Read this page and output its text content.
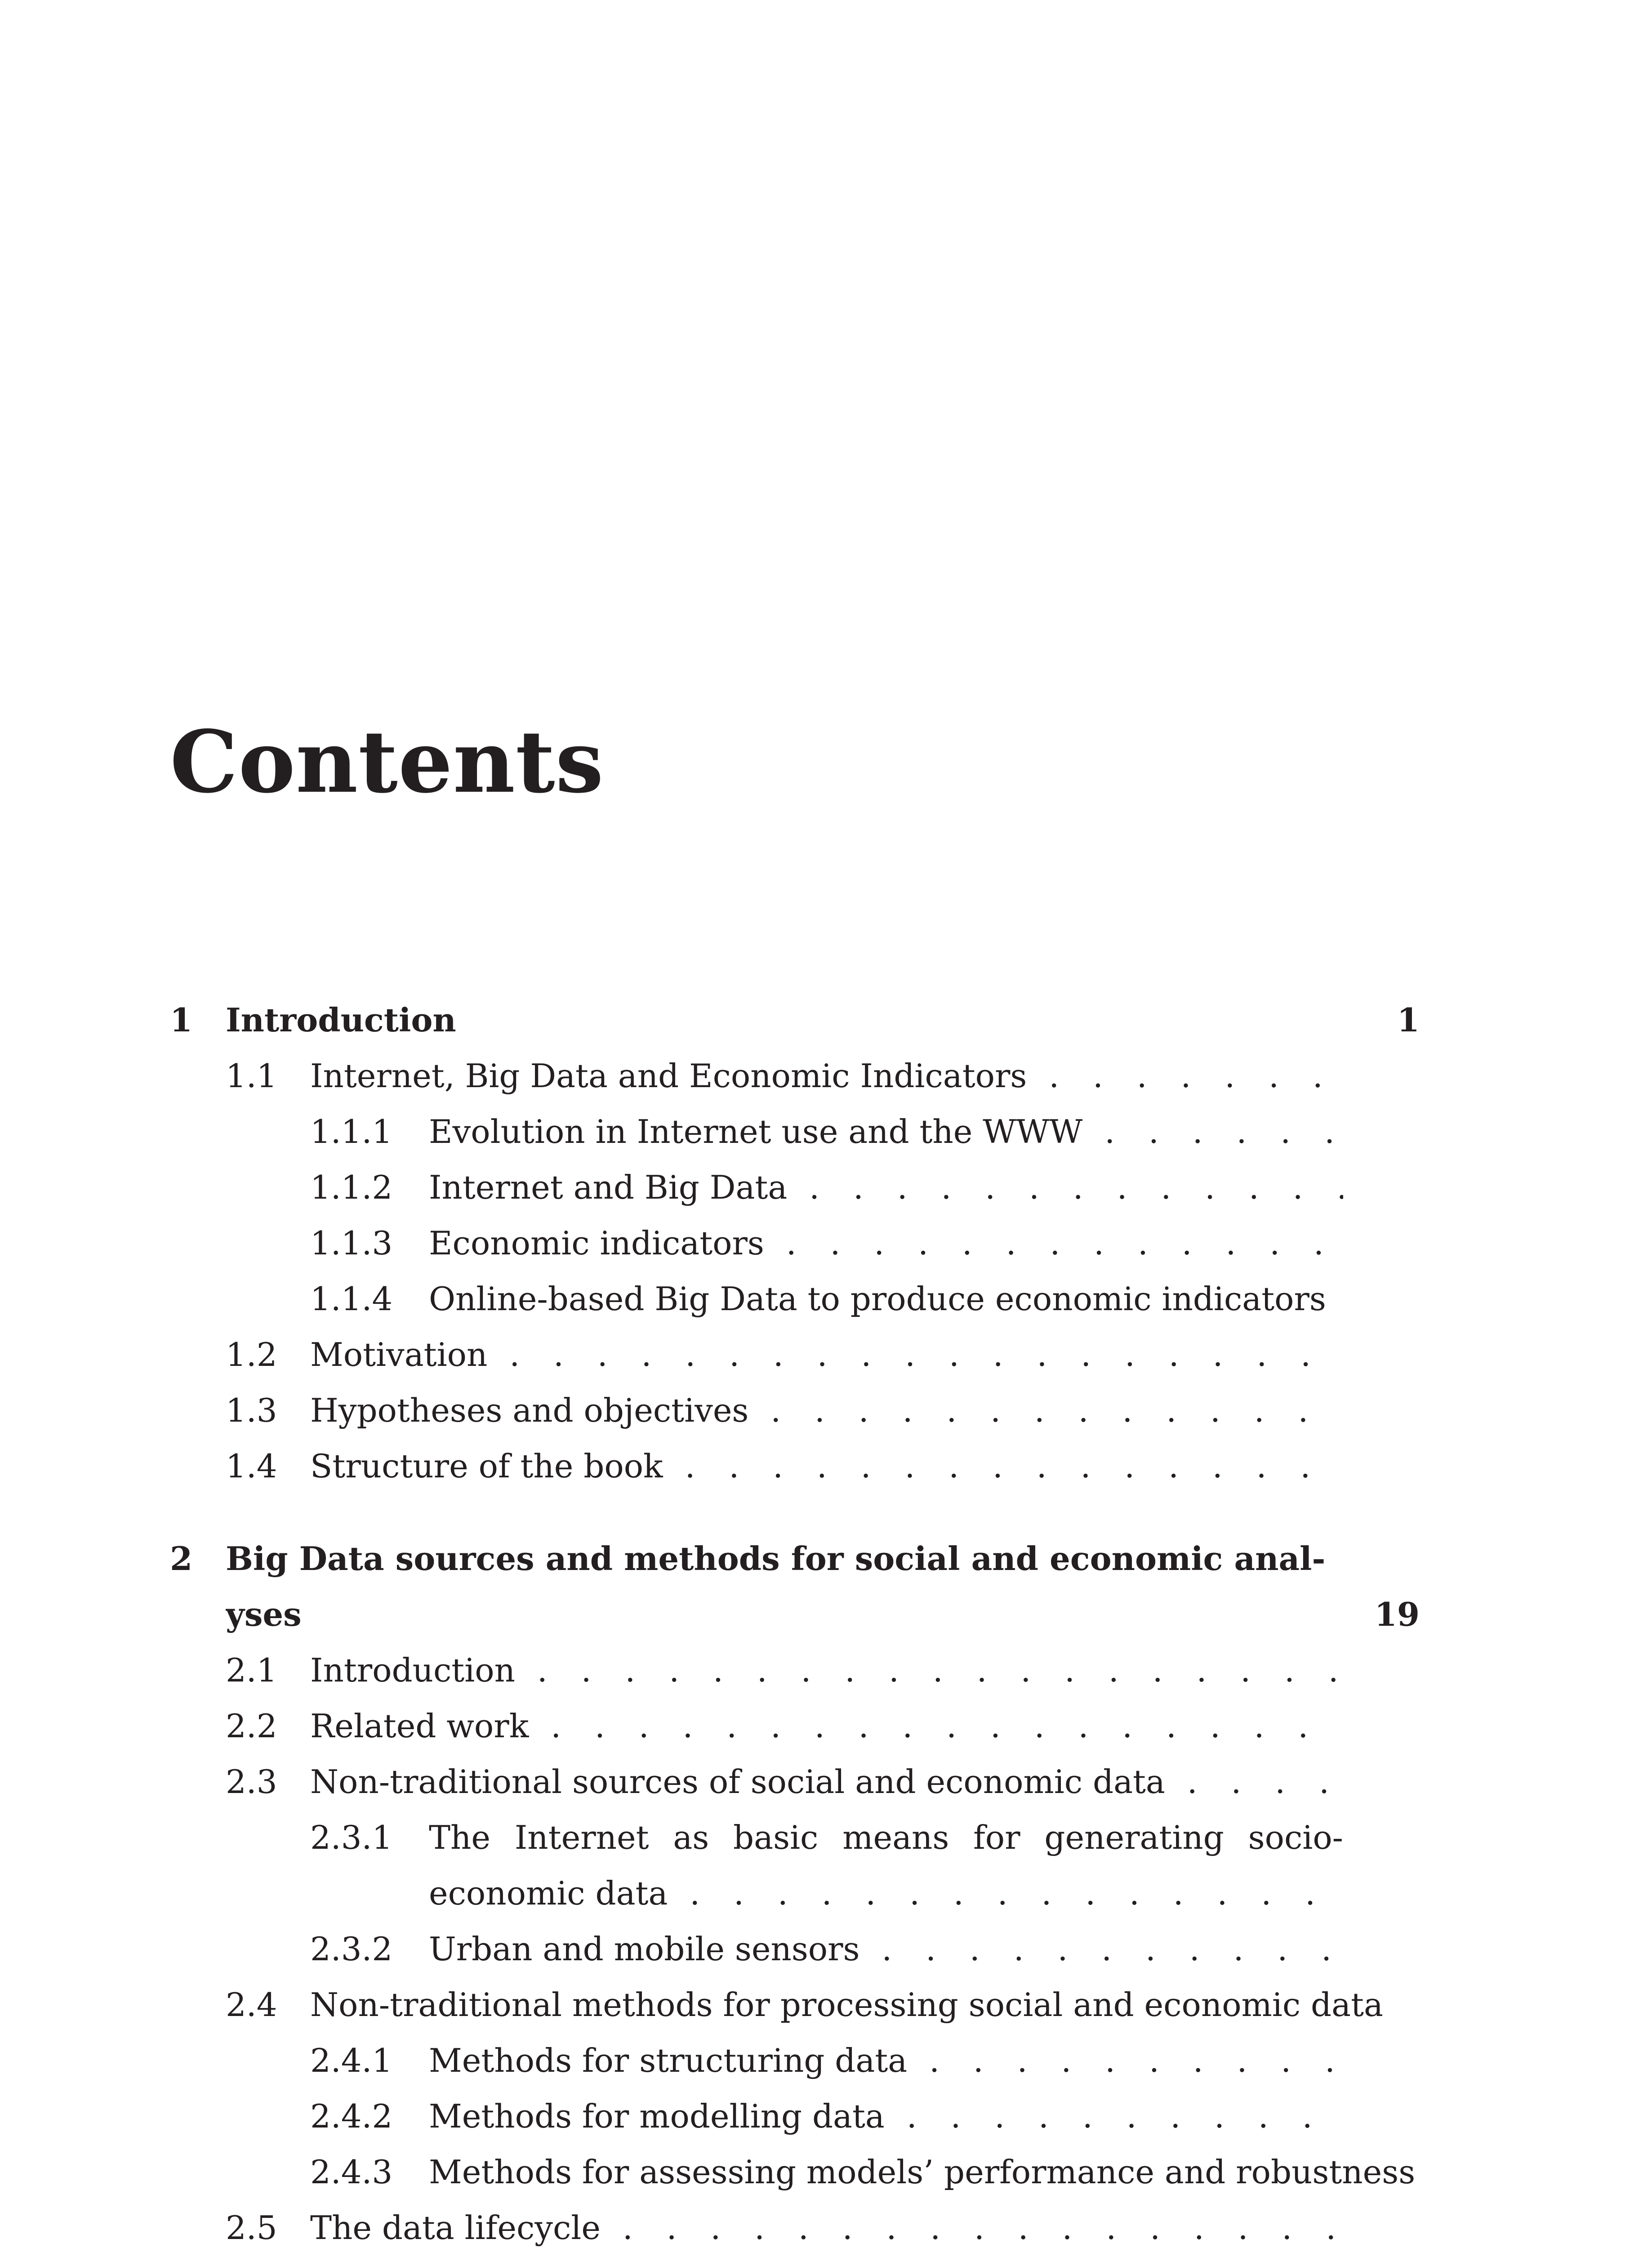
Contents
1 Introduction	1
1.1 Internet, Big Data and Economic Indicators . . .
1.1.1 Evolution in Internet use and the WWW . . .
1.1.2 Internet and Big Data . . .
1.1.3 Economic indicators . . .
1.1.4 Online-based Big Data to produce economic indicators . . .
1.2 Motivation . . .
1.3 Hypotheses and objectives . . .
1.4 Structure of the book . . .
2 Big Data sources and methods for social and economic anal-
yses	19
2.1 Introduction . . .
2.2 Related work . . .
2.3 Non-traditional sources of social and economic data . . .
2.3.1 The Internet as basic means for generating socio-
economic data . . .
2.3.2 Urban and mobile sensors . . .
2.4 Non-traditional methods for processing social and economic data
2.4.1 Methods for structuring data . . .
2.4.2 Methods for modelling data . . .
2.4.3 Methods for assessing models’ performance and robustness
2.5 The data lifecycle . . .
